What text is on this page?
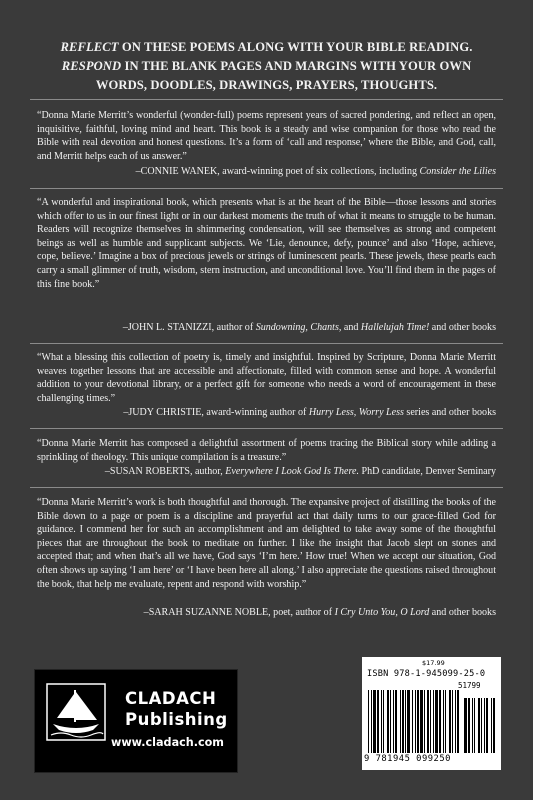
REFLECT ON THESE POEMS ALONG WITH YOUR BIBLE READING.
RESPOND IN THE BLANK PAGES AND MARGINS WITH YOUR OWN
WORDS, DOODLES, DRAWINGS, PRAYERS, THOUGHTS.
“Donna Marie Merritt’s wonderful (wonder-full) poems represent years of sacred pondering, and reflect an open, inquisitive, faithful, loving mind and heart. This book is a steady and wise companion for those who read the Bible with real devotion and honest questions. It’s a form of ‘call and response,’ where the Bible, and God, call, and Merritt helps each of us answer.”
–CONNIE WANEK, award-winning poet of six collections, including Consider the Lilies
“A wonderful and inspirational book, which presents what is at the heart of the Bible—those lessons and stories which offer to us in our finest light or in our darkest moments the truth of what it means to struggle to be human. Readers will recognize themselves in shimmering condensation, will see themselves as strong and competent beings as well as humble and supplicant subjects. We ‘Lie, denounce, defy, pounce’ and also ‘Hope, achieve, cope, believe.’ Imagine a box of precious jewels or strings of luminescent pearls. These jewels, these pearls each carry a small glimmer of truth, wisdom, stern instruction, and unconditional love. You’ll find them in the pages of this fine book.”
–JOHN L. STANIZZI, author of Sundowning, Chants, and Hallelujah Time! and other books
“What a blessing this collection of poetry is, timely and insightful. Inspired by Scripture, Donna Marie Merritt weaves together lessons that are accessible and affectionate, filled with common sense and hope. A wonderful addition to your devotional library, or a perfect gift for someone who needs a word of encouragement in these challenging times.”
–JUDY CHRISTIE, award-winning author of Hurry Less, Worry Less series and other books
“Donna Marie Merritt has composed a delightful assortment of poems tracing the Biblical story while adding a sprinkling of theology. This unique compilation is a treasure.”
–SUSAN ROBERTS, author, Everywhere I Look God Is There. PhD candidate, Denver Seminary
“Donna Marie Merritt’s work is both thoughtful and thorough. The expansive project of distilling the books of the Bible down to a page or poem is a discipline and prayerful act that daily turns to our grace-filled God for guidance. I commend her for such an accomplishment and am delighted to take away some of the thoughtful pieces that are throughout the book to meditate on further. I like the insight that Jacob slept on stones and accepted that; and when that’s all we have, God says ‘I’m here.’ How true! When we accept our situation, God often shows up saying ‘I am here’ or ‘I have been here all along.’ I also appreciate the questions raised throughout the book, that help me evaluate, repent and respond with worship.”
–SARAH SUZANNE NOBLE, poet, author of I Cry Unto You, O Lord and other books
CLADACH
Publishing
www.cladach.com
$17.99
ISBN 978-1-945099-25-0
51799
9 781945 099250
